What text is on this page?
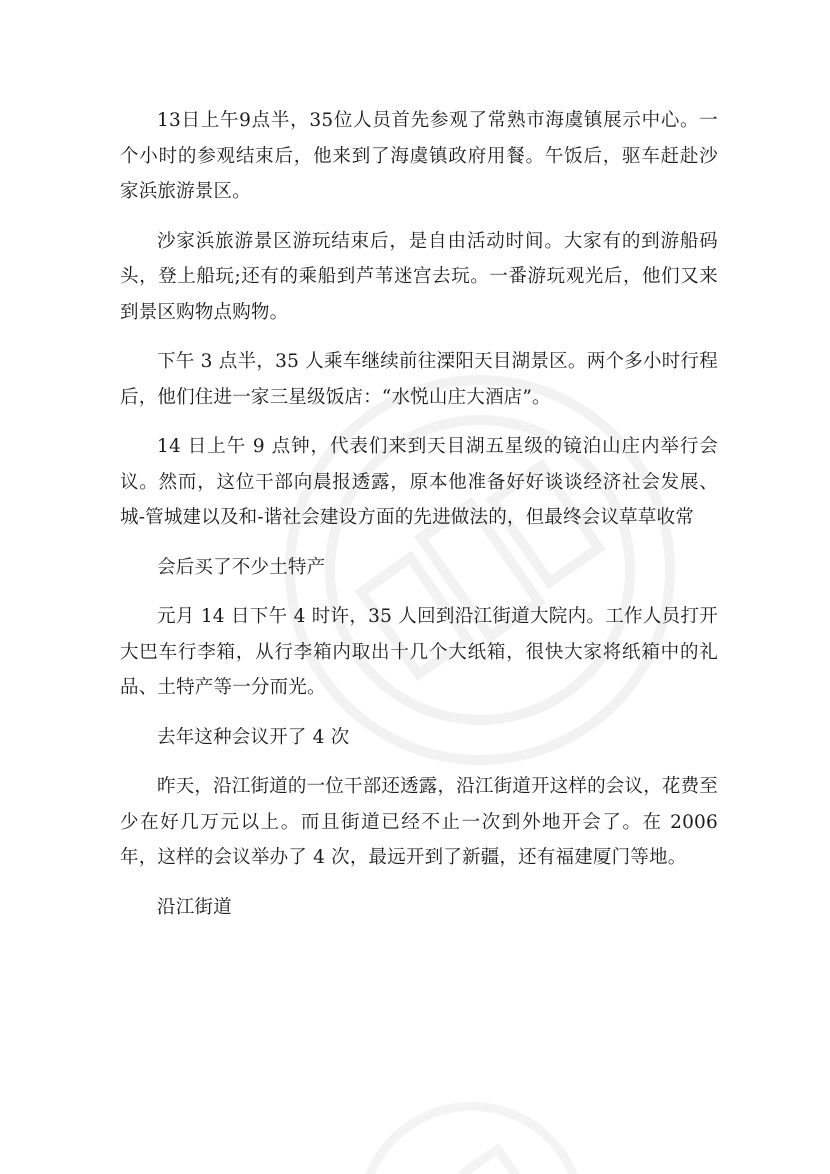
13日上午9点半，35位人员首先参观了常熟市海虞镇展示中心。一个小时的参观结束后，他来到了海虞镇政府用餐。午饭后，驱车赶赴沙家浜旅游景区。

沙家浜旅游景区游玩结束后，是自由活动时间。大家有的到游船码头，登上船玩;还有的乘船到芦苇迷宫去玩。一番游玩观光后，他们又来到景区购物点购物。

下午 3 点半，35 人乘车继续前往溧阳天目湖景区。两个多小时行程后，他们住进一家三星级饭店：“水悦山庄大酒店”。

14 日上午 9 点钟，代表们来到天目湖五星级的镜泊山庄内举行会议。然而，这位干部向晨报透露，原本他准备好好谈谈经济社会发展、城-管城建以及和-谐社会建设方面的先进做法的，但最终会议草草收常

会后买了不少土特产

元月 14 日下午 4 时许，35 人回到沿江街道大院内。工作人员打开大巴车行李箱，从行李箱内取出十几个大纸箱，很快大家将纸箱中的礼品、土特产等一分而光。

去年这种会议开了 4 次

昨天，沿江街道的一位干部还透露，沿江街道开这样的会议，花费至少在好几万元以上。而且街道已经不止一次到外地开会了。在 2006 年，这样的会议举办了 4 次，最远开到了新疆，还有福建厦门等地。

沿江街道
